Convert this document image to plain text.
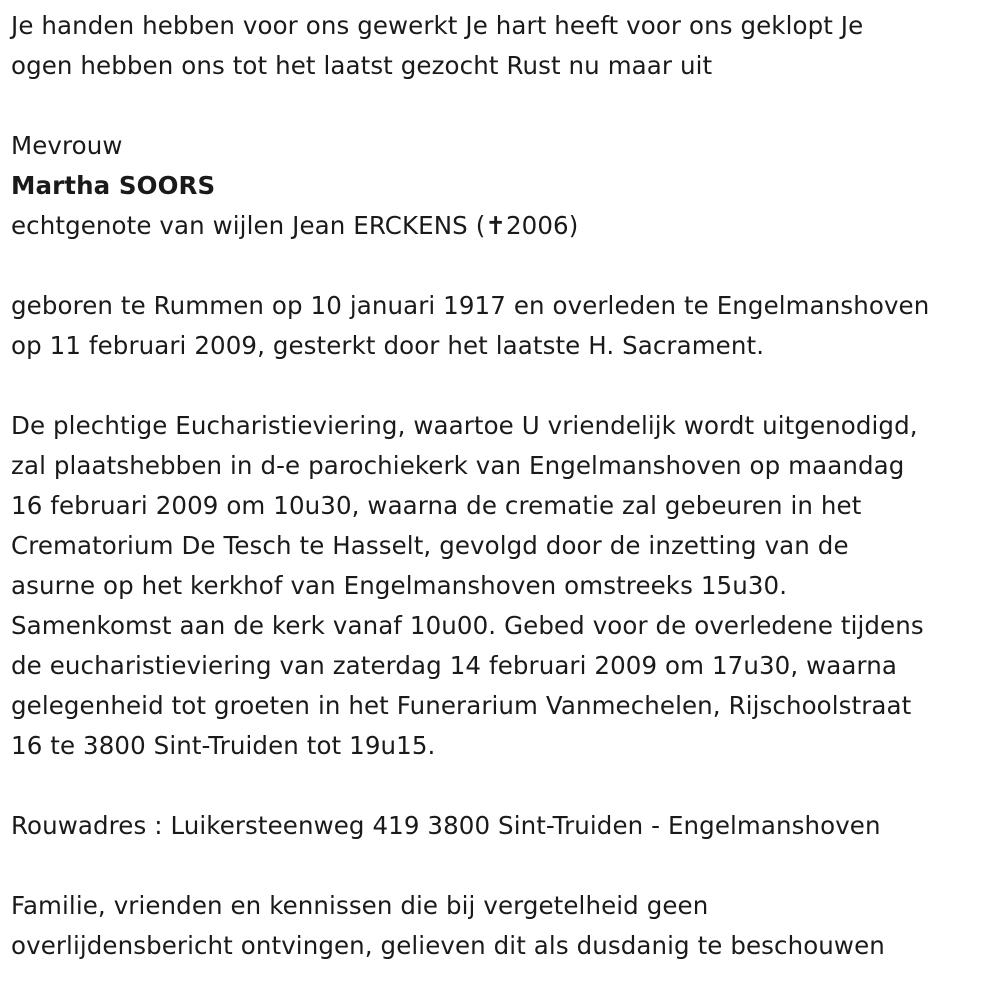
Je handen hebben voor ons gewerkt Je hart heeft voor ons geklopt Je

ogen hebben ons tot het laatst gezocht Rust nu maar uit

Mevrouw

Martha SOORS

echtgenote van wijlen Jean ERCKENS (✝2006)

geboren te Rummen op 10 januari 1917 en overleden te Engelmanshoven

op 11 februari 2009, gesterkt door het laatste H. Sacrament.

De plechtige Eucharistieviering, waartoe U vriendelijk wordt uitgenodigd,

zal plaatshebben in d-e parochiekerk van Engelmanshoven op maandag

16 februari 2009 om 10u30, waarna de crematie zal gebeuren in het

Crematorium De Tesch te Hasselt, gevolgd door de inzetting van de

asurne op het kerkhof van Engelmanshoven omstreeks 15u30.

Samenkomst aan de kerk vanaf 10u00. Gebed voor de overledene tijdens

de eucharistieviering van zaterdag 14 februari 2009 om 17u30, waarna

gelegenheid tot groeten in het Funerarium Vanmechelen, Rijschoolstraat

16 te 3800 Sint-Truiden tot 19u15.

Rouwadres : Luikersteenweg 419 3800 Sint-Truiden - Engelmanshoven

Familie, vrienden en kennissen die bij vergetelheid geen

overlijdensbericht ontvingen, gelieven dit als dusdanig te beschouwen
